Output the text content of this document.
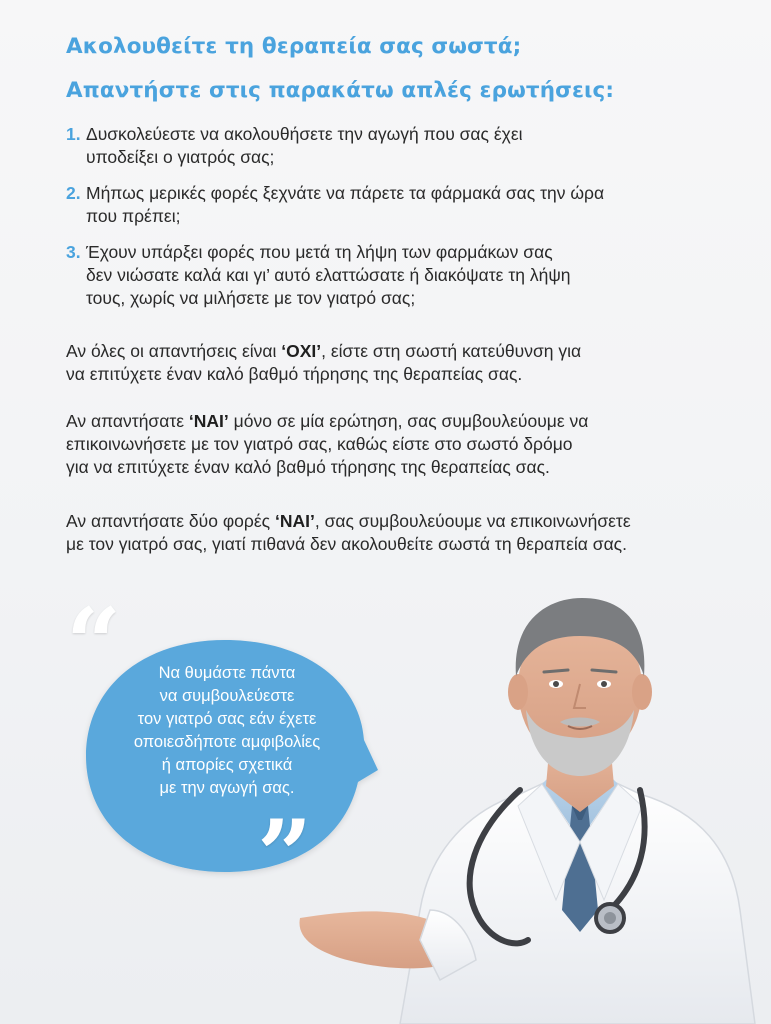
Ακολουθείτε τη θεραπεία σας σωστά;
Απαντήστε στις παρακάτω απλές ερωτήσεις:
1. Δυσκολεύεστε να ακολουθήσετε την αγωγή που σας έχει
υποδείξει ο γιατρός σας;
2. Μήπως μερικές φορές ξεχνάτε να πάρετε τα φάρμακά σας την ώρα
που πρέπει;
3. Έχουν υπάρξει φορές που μετά τη λήψη των φαρμάκων σας
δεν νιώσατε καλά και γι’ αυτό ελαττώσατε ή διακόψατε τη λήψη
τους, χωρίς να μιλήσετε με τον γιατρό σας;

Αν όλες οι απαντήσεις είναι ‘ΟΧΙ’, είστε στη σωστή κατεύθυνση για
να επιτύχετε έναν καλό βαθμό τήρησης της θεραπείας σας.

Αν απαντήσατε ‘ΝΑΙ’ μόνο σε μία ερώτηση, σας συμβουλεύουμε να
επικοινωνήσετε με τον γιατρό σας, καθώς είστε στο σωστό δρόμο
για να επιτύχετε έναν καλό βαθμό τήρησης της θεραπείας σας.

Αν απαντήσατε δύο φορές ‘ΝΑΙ’, σας συμβουλεύουμε να επικοινωνήσετε
με τον γιατρό σας, γιατί πιθανά δεν ακολουθείτε σωστά τη θεραπεία σας.

“	Να θυμάστε πάντα
να συμβουλεύεστε
τον γιατρό σας εάν έχετε
οποιεσδήποτε αμφιβολίες
ή απορίες σχετικά
με την αγωγή σας.
”
